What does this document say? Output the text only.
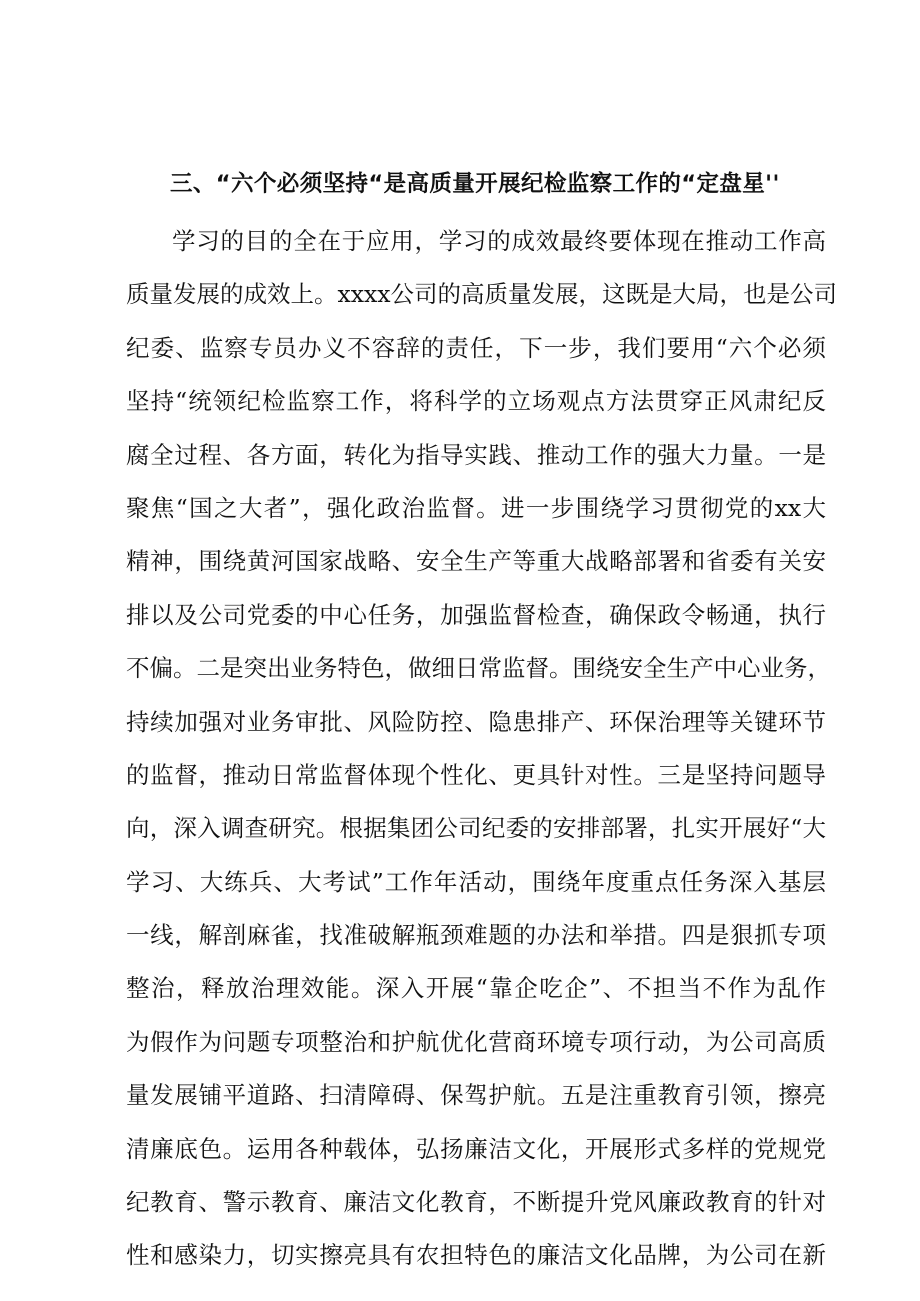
三、“六个必须坚持“是高质量开展纪检监察工作的“定盘星''
学习的目的全在于应用，学习的成效最终要体现在推动工作高
质量发展的成效上。xxxx公司的高质量发展，这既是大局，也是公司
纪委、监察专员办义不容辞的责任，下一步，我们要用“六个必须
坚持“统领纪检监察工作，将科学的立场观点方法贯穿正风肃纪反
腐全过程、各方面，转化为指导实践、推动工作的强大力量。一是
聚焦“国之大者”，强化政治监督。进一步围绕学习贯彻党的xx大
精神，围绕黄河国家战略、安全生产等重大战略部署和省委有关安
排以及公司党委的中心任务，加强监督检查，确保政令畅通，执行
不偏。二是突出业务特色，做细日常监督。围绕安全生产中心业务，
持续加强对业务审批、风险防控、隐患排产、环保治理等关键环节
的监督，推动日常监督体现个性化、更具针对性。三是坚持问题导
向，深入调查研究。根据集团公司纪委的安排部署，扎实开展好“大
学习、大练兵、大考试”工作年活动，围绕年度重点任务深入基层
一线，解剖麻雀，找准破解瓶颈难题的办法和举措。四是狠抓专项
整治，释放治理效能。深入开展“靠企吃企”、不担当不作为乱作
为假作为问题专项整治和护航优化营商环境专项行动，为公司高质
量发展铺平道路、扫清障碍、保驾护航。五是注重教育引领，擦亮
清廉底色。运用各种载体，弘扬廉洁文化，开展形式多样的党规党
纪教育、警示教育、廉洁文化教育，不断提升党风廉政教育的针对
性和感染力，切实擦亮具有农担特色的廉洁文化品牌，为公司在新
